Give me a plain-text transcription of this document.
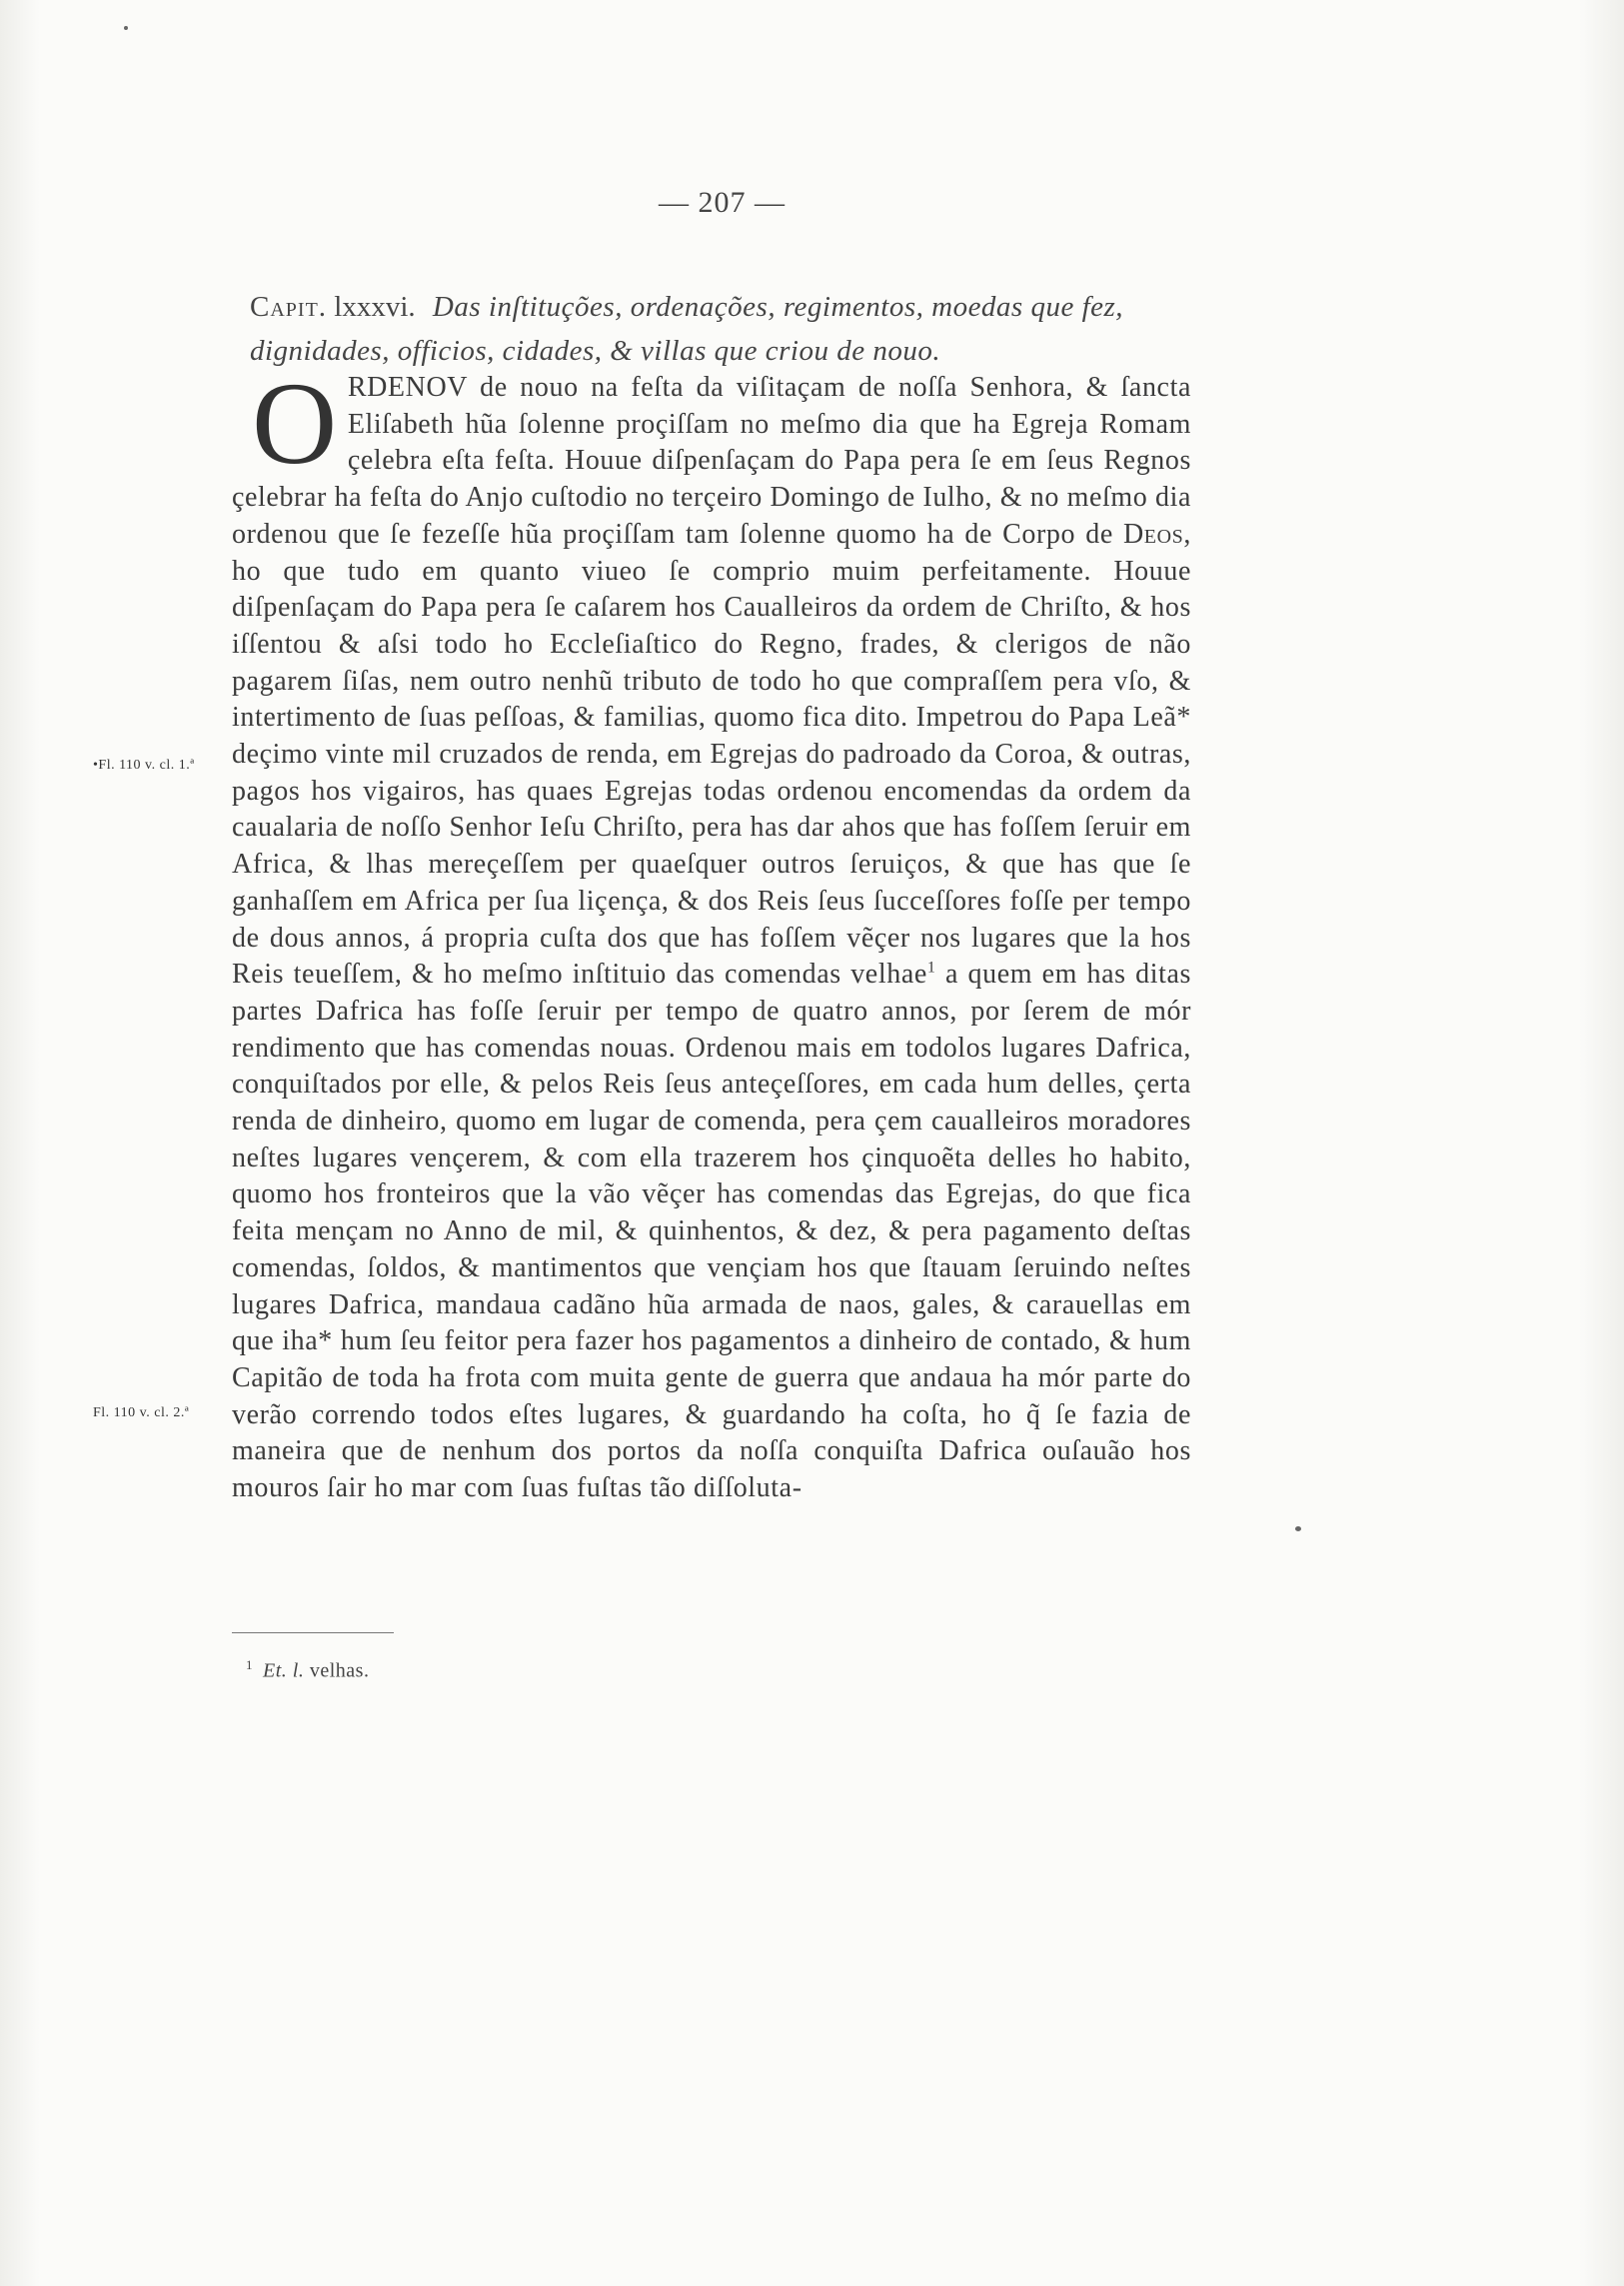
— 207 —
Capit. lxxxvi. Das inſtituções, ordenações, regimentos, moedas que fez, dignidades, officios, cidades, & villas que criou de nouo.
•Fl. 110 v. cl. 1.ª
Fl. 110 v. cl. 2.ª
ORDENOV de nouo na feſta da viſitaçam de noſſa Senhora, & ſancta Eliſabeth hũa ſolenne proçiſſam no meſmo dia que ha Egreja Romam çelebra eſta feſta. Houue diſpenſaçam do Papa pera ſe em ſeus Regnos çelebrar ha feſta do Anjo cuſtodio no terçeiro Domingo de Iulho, & no meſmo dia ordenou que ſe fezeſſe hũa proçiſſam tam ſolenne quomo ha de Corpo de Deos, ho que tudo em quanto viueo ſe comprio muim perfeitamente. Houue diſpenſaçam do Papa pera ſe caſarem hos Caualleiros da ordem de Chriſto, & hos iſſentou & aſsi todo ho Eccleſiaſtico do Regno, frades, & clerigos de não pagarem ſiſas, nem outro nenhũ tributo de todo ho que compraſſem pera vſo, & intertimento de ſuas peſſoas, & familias, quomo fica dito. Impetrou do Papa Leã* deçimo vinte mil cruzados de renda, em Egrejas do padroado da Coroa, & outras, pagos hos vigairos, has quaes Egrejas todas ordenou encomendas da ordem da caualaria de noſſo Senhor Ieſu Chriſto, pera has dar ahos que has foſſem ſeruir em Africa, & lhas mereçeſſem per quaeſquer outros ſeruiços, & que has que ſe ganhaſſem em Africa per ſua liçença, & dos Reis ſeus ſucceſſores foſſe per tempo de dous annos, á propria cuſta dos que has foſſem vẽçer nos lugares que la hos Reis teueſſem, & ho meſmo inſtituio das comendas velhae$^1$ a quem em has ditas partes Dafrica has foſſe ſeruir per tempo de quatro annos, por ſerem de mór rendimento que has comendas nouas. Ordenou mais em todolos lugares Dafrica, conquiſtados por elle, & pelos Reis ſeus anteçeſſores, em cada hum delles, çerta renda de dinheiro, quomo em lugar de comenda, pera çem caualleiros moradores neſtes lugares vençerem, & com ella trazerem hos çinquoẽta delles ho habito, quomo hos fronteiros que la vão vẽçer has comendas das Egrejas, do que fica feita mençam no Anno de mil, & quinhentos, & dez, & pera pagamento deſtas comendas, ſoldos, & mantimentos que vençiam hos que ſtauam ſeruindo neſtes lugares Dafrica, mandaua cadãno hũa armada de naos, gales, & carauellas em que iha* hum ſeu feitor pera fazer hos pagamentos a dinheiro de contado, & hum Capitão de toda ha frota com muita gente de guerra que andaua ha mór parte do verão correndo todos eſtes lugares, & guardando ha coſta, ho q̃ ſe fazia de maneira que de nenhum dos portos da noſſa conquiſta Dafrica ouſauão hos mouros ſair ho mar com ſuas fuſtas tão diſſoluta-
$^1$ Et. l. velhas.
